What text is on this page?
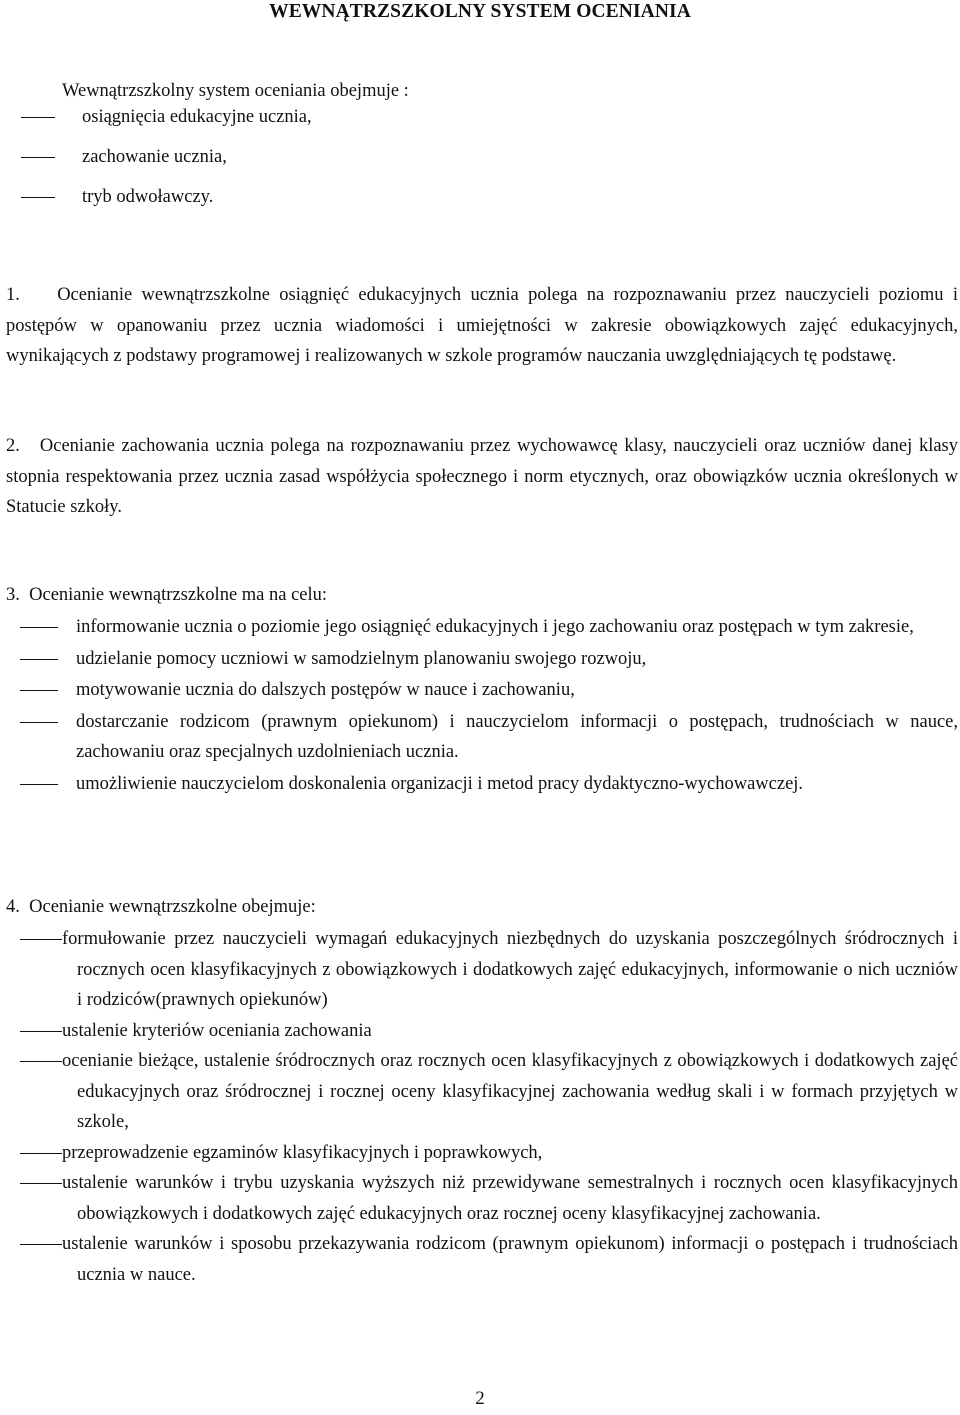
WEWNĄTRZSZKOLNY SYSTEM OCENIANIA
Wewnątrzszkolny system oceniania obejmuje :
osiągnięcia edukacyjne ucznia,
zachowanie ucznia,
tryb odwoławczy.
1. Ocenianie wewnątrzszkolne osiągnięć edukacyjnych ucznia polega na rozpoznawaniu przez nauczycieli poziomu i postępów w opanowaniu przez ucznia wiadomości i umiejętności w zakresie obowiązkowych zajęć edukacyjnych, wynikających z podstawy programowej i realizowanych w szkole programów nauczania uwzględniających tę podstawę.
2. Ocenianie zachowania ucznia polega na rozpoznawaniu przez wychowawcę klasy, nauczycieli oraz uczniów danej klasy stopnia respektowania przez ucznia zasad współżycia społecznego i norm etycznych, oraz obowiązków ucznia określonych w Statucie szkoły.
3. Ocenianie wewnątrzszkolne ma na celu:
informowanie ucznia o poziomie jego osiągnięć edukacyjnych i jego zachowaniu oraz postępach w tym zakresie,
udzielanie pomocy uczniowi w samodzielnym planowaniu swojego rozwoju,
motywowanie ucznia do dalszych postępów w nauce i zachowaniu,
dostarczanie rodzicom (prawnym opiekunom) i nauczycielom informacji o postępach, trudnościach w nauce, zachowaniu oraz specjalnych uzdolnieniach ucznia.
umożliwienie nauczycielom doskonalenia organizacji i metod pracy dydaktyczno-wychowawczej.
4. Ocenianie wewnątrzszkolne obejmuje:
formułowanie przez nauczycieli wymagań edukacyjnych niezbędnych do uzyskania poszczególnych śródrocznych i rocznych ocen klasyfikacyjnych z obowiązkowych i dodatkowych zajęć edukacyjnych, informowanie o nich uczniów i rodziców(prawnych opiekunów)
ustalenie kryteriów oceniania zachowania
ocenianie bieżące, ustalenie śródrocznych oraz rocznych ocen klasyfikacyjnych z obowiązkowych i dodatkowych zajęć edukacyjnych oraz śródrocznej i rocznej oceny klasyfikacyjnej zachowania według skali i w formach przyjętych w szkole,
przeprowadzenie egzaminów klasyfikacyjnych i poprawkowych,
ustalenie warunków i trybu uzyskania wyższych niż przewidywane semestralnych i rocznych ocen klasyfikacyjnych obowiązkowych i dodatkowych zajęć edukacyjnych oraz rocznej oceny klasyfikacyjnej zachowania.
ustalenie warunków i sposobu przekazywania rodzicom (prawnym opiekunom) informacji o postępach i trudnościach ucznia w nauce.
2
